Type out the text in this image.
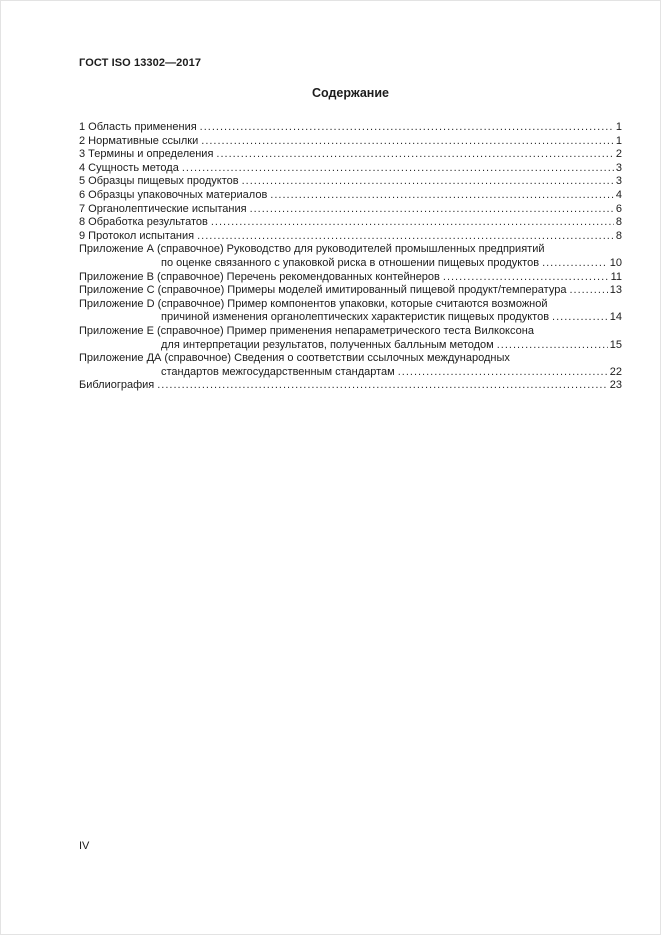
ГОСТ ISO 13302—2017
Содержание
1 Область применения .....	1
2 Нормативные ссылки .....	1
3 Термины и определения .....	2
4 Сущность метода .....	3
5 Образцы пищевых продуктов .....	3
6 Образцы упаковочных материалов .....	4
7 Органолептические испытания .....	6
8 Обработка результатов .....	8
9 Протокол испытания .....	8
Приложение А (справочное) Руководство для руководителей промышленных предприятий
по оценке связанного с упаковкой риска в отношении пищевых продуктов .....	10
Приложение В (справочное) Перечень рекомендованных контейнеров .....	11
Приложение С (справочное) Примеры моделей имитированный пищевой продукт/температура .....	13
Приложение D (справочное) Пример компонентов упаковки, которые считаются возможной
причиной изменения органолептических характеристик пищевых продуктов .....	14
Приложение Е (справочное) Пример применения непараметрического теста Вилкоксона
для интерпретации результатов, полученных балльным методом .....	15
Приложение ДА (справочное) Сведения о соответствии ссылочных международных
стандартов межгосударственным стандартам .....	22
Библиография .....	23
IV
